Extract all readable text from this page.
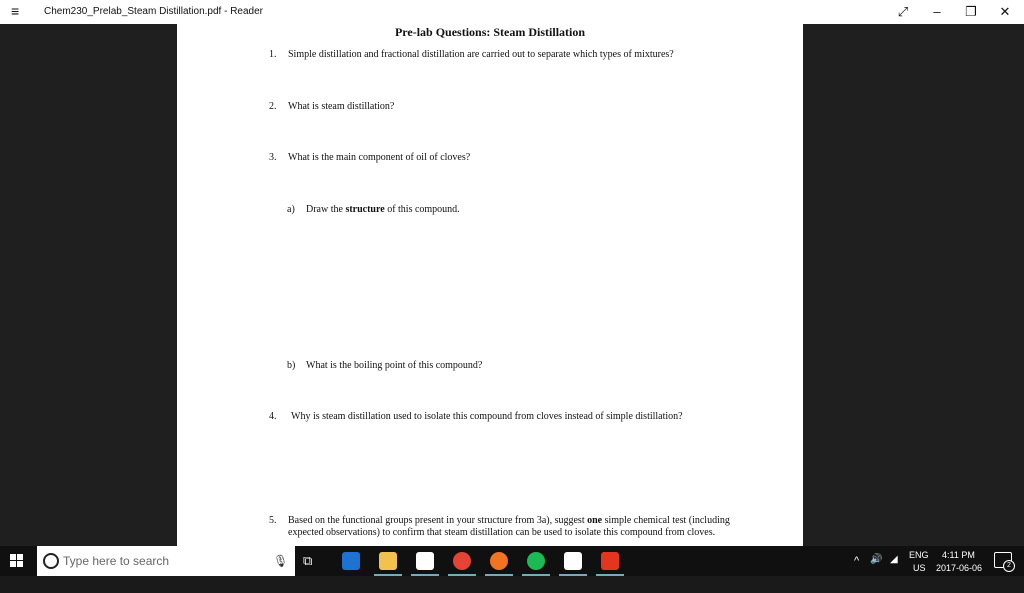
≡ Chem230_Prelab_Steam Distillation.pdf - Reader	⤢	–	❐	✕
Pre-lab Questions: Steam Distillation
1. Simple distillation and fractional distillation are carried out to separate which types of mixtures?
2. What is steam distillation?
3. What is the main component of oil of cloves?
a) Draw the structure of this compound.
b) What is the boiling point of this compound?
4. Why is steam distillation used to isolate this compound from cloves instead of simple distillation?
5. Based on the functional groups present in your structure from 3a), suggest one simple chemical test (including expected observations) to confirm that steam distillation can be used to isolate this compound from cloves.
Type here to search	🎙 ⧉	^ 🔊 ◢ ENG
US
4:11 PM
2017-06-06	2
